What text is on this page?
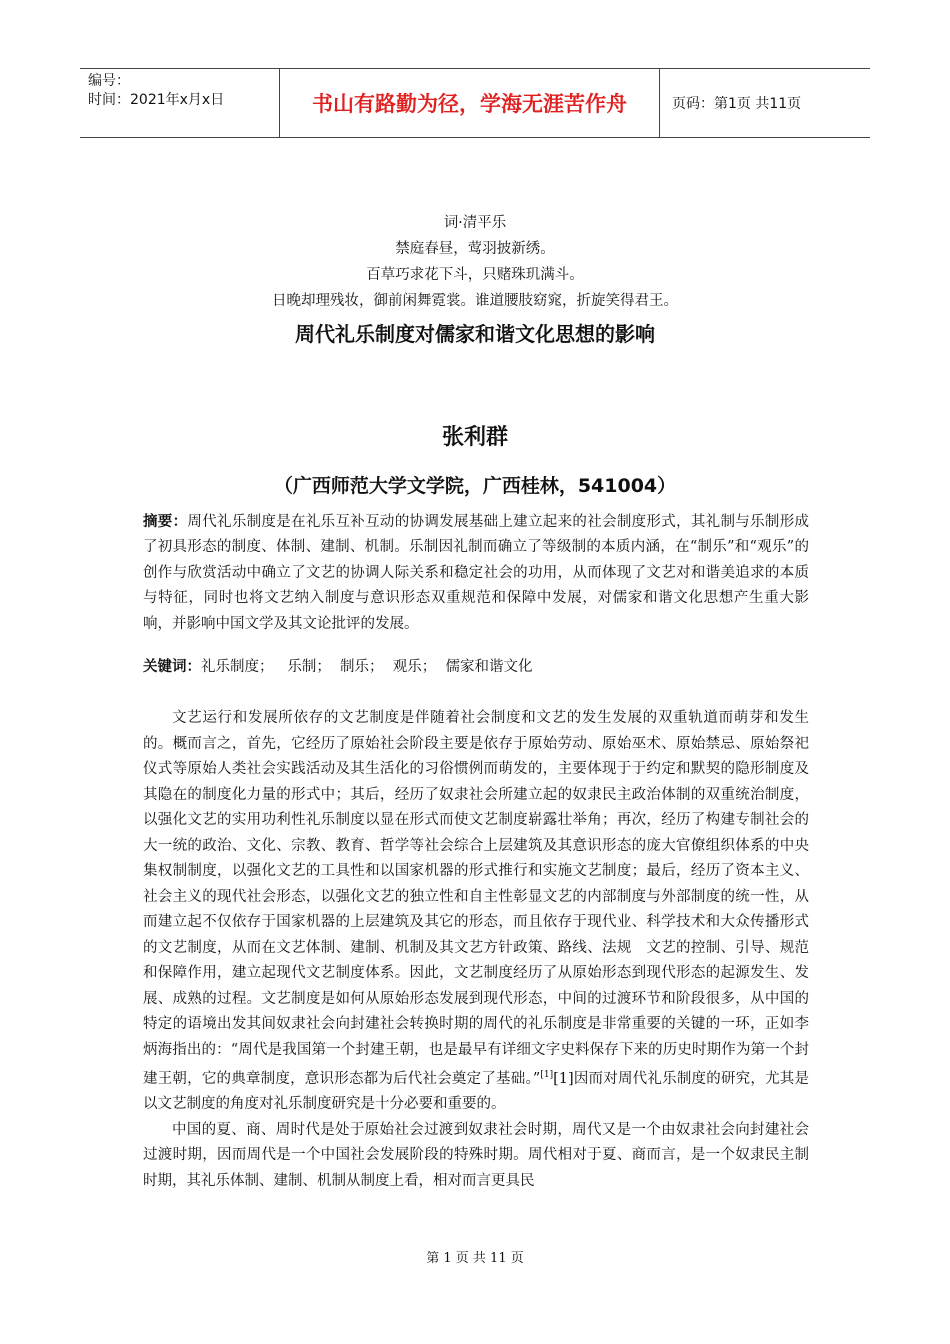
编号：
时间：2021年x月x日	书山有路勤为径，学海无涯苦作舟	页码：第1页 共11页
词·清平乐
禁庭春昼，莺羽披新绣。
百草巧求花下斗，只赌珠玑满斗。
日晚却理残妆，御前闲舞霓裳。谁道腰肢窈窕，折旋笑得君王。
周代礼乐制度对儒家和谐文化思想的影响
张利群
（广西师范大学文学院，广西桂林，541004）
摘要：周代礼乐制度是在礼乐互补互动的协调发展基础上建立起来的社会制度形式，其礼制与乐制形成了初具形态的制度、体制、建制、机制。乐制因礼制而确立了等级制的本质内涵，在“制乐”和“观乐”的创作与欣赏活动中确立了文艺的协调人际关系和稳定社会的功用，从而体现了文艺对和谐美追求的本质与特征，同时也将文艺纳入制度与意识形态双重规范和保障中发展，对儒家和谐文化思想产生重大影响，并影响中国文学及其文论批评的发展。
关键词：礼乐制度；   乐制；  制乐；  观乐；  儒家和谐文化

文艺运行和发展所依存的文艺制度是伴随着社会制度和文艺的发生发展的双重轨道而萌芽和发生的。概而言之，首先，它经历了原始社会阶段主要是依存于原始劳动、原始巫术、原始禁忌、原始祭祀仪式等原始人类社会实践活动及其生活化的习俗惯例而萌发的，主要体现于于约定和默契的隐形制度及其隐在的制度化力量的形式中；其后，经历了奴隶社会所建立起的奴隶民主政治体制的双重统治制度，以强化文艺的实用功利性礼乐制度以显在形式而使文艺制度崭露壮举角；再次，经历了构建专制社会的大一统的政治、文化、宗教、教育、哲学等社会综合上层建筑及其意识形态的庞大官僚组织体系的中央集权制制度，以强化文艺的工具性和以国家机器的形式推行和实施文艺制度；最后，经历了资本主义、社会主义的现代社会形态，以强化文艺的独立性和自主性彰显文艺的内部制度与外部制度的统一性，从而建立起不仅依存于国家机器的上层建筑及其它的形态，而且依存于现代业、科学技术和大众传播形式的文艺制度，从而在文艺体制、建制、机制及其文艺方针政策、路线、法规　文艺的控制、引导、规范和保障作用，建立起现代文艺制度体系。因此，文艺制度经历了从原始形态到现代形态的起源发生、发展、成熟的过程。文艺制度是如何从原始形态发展到现代形态，中间的过渡环节和阶段很多，从中国的特定的语境出发其间奴隶社会向封建社会转换时期的周代的礼乐制度是非常重要的关键的一环，正如李炳海指出的：“周代是我国第一个封建王朝，也是最早有详细文字史料保存下来的历史时期作为第一个封建王朝，它的典章制度，意识形态都为后代社会奠定了基础。”[1][1]因而对周代礼乐制度的研究，尤其是以文艺制度的角度对礼乐制度研究是十分必要和重要的。

中国的夏、商、周时代是处于原始社会过渡到奴隶社会时期，周代又是一个由奴隶社会向封建社会过渡时期，因而周代是一个中国社会发展阶段的特殊时期。周代相对于夏、商而言，是一个奴隶民主制时期，其礼乐体制、建制、机制从制度上看，相对而言更具民

第 1 页 共 11 页
